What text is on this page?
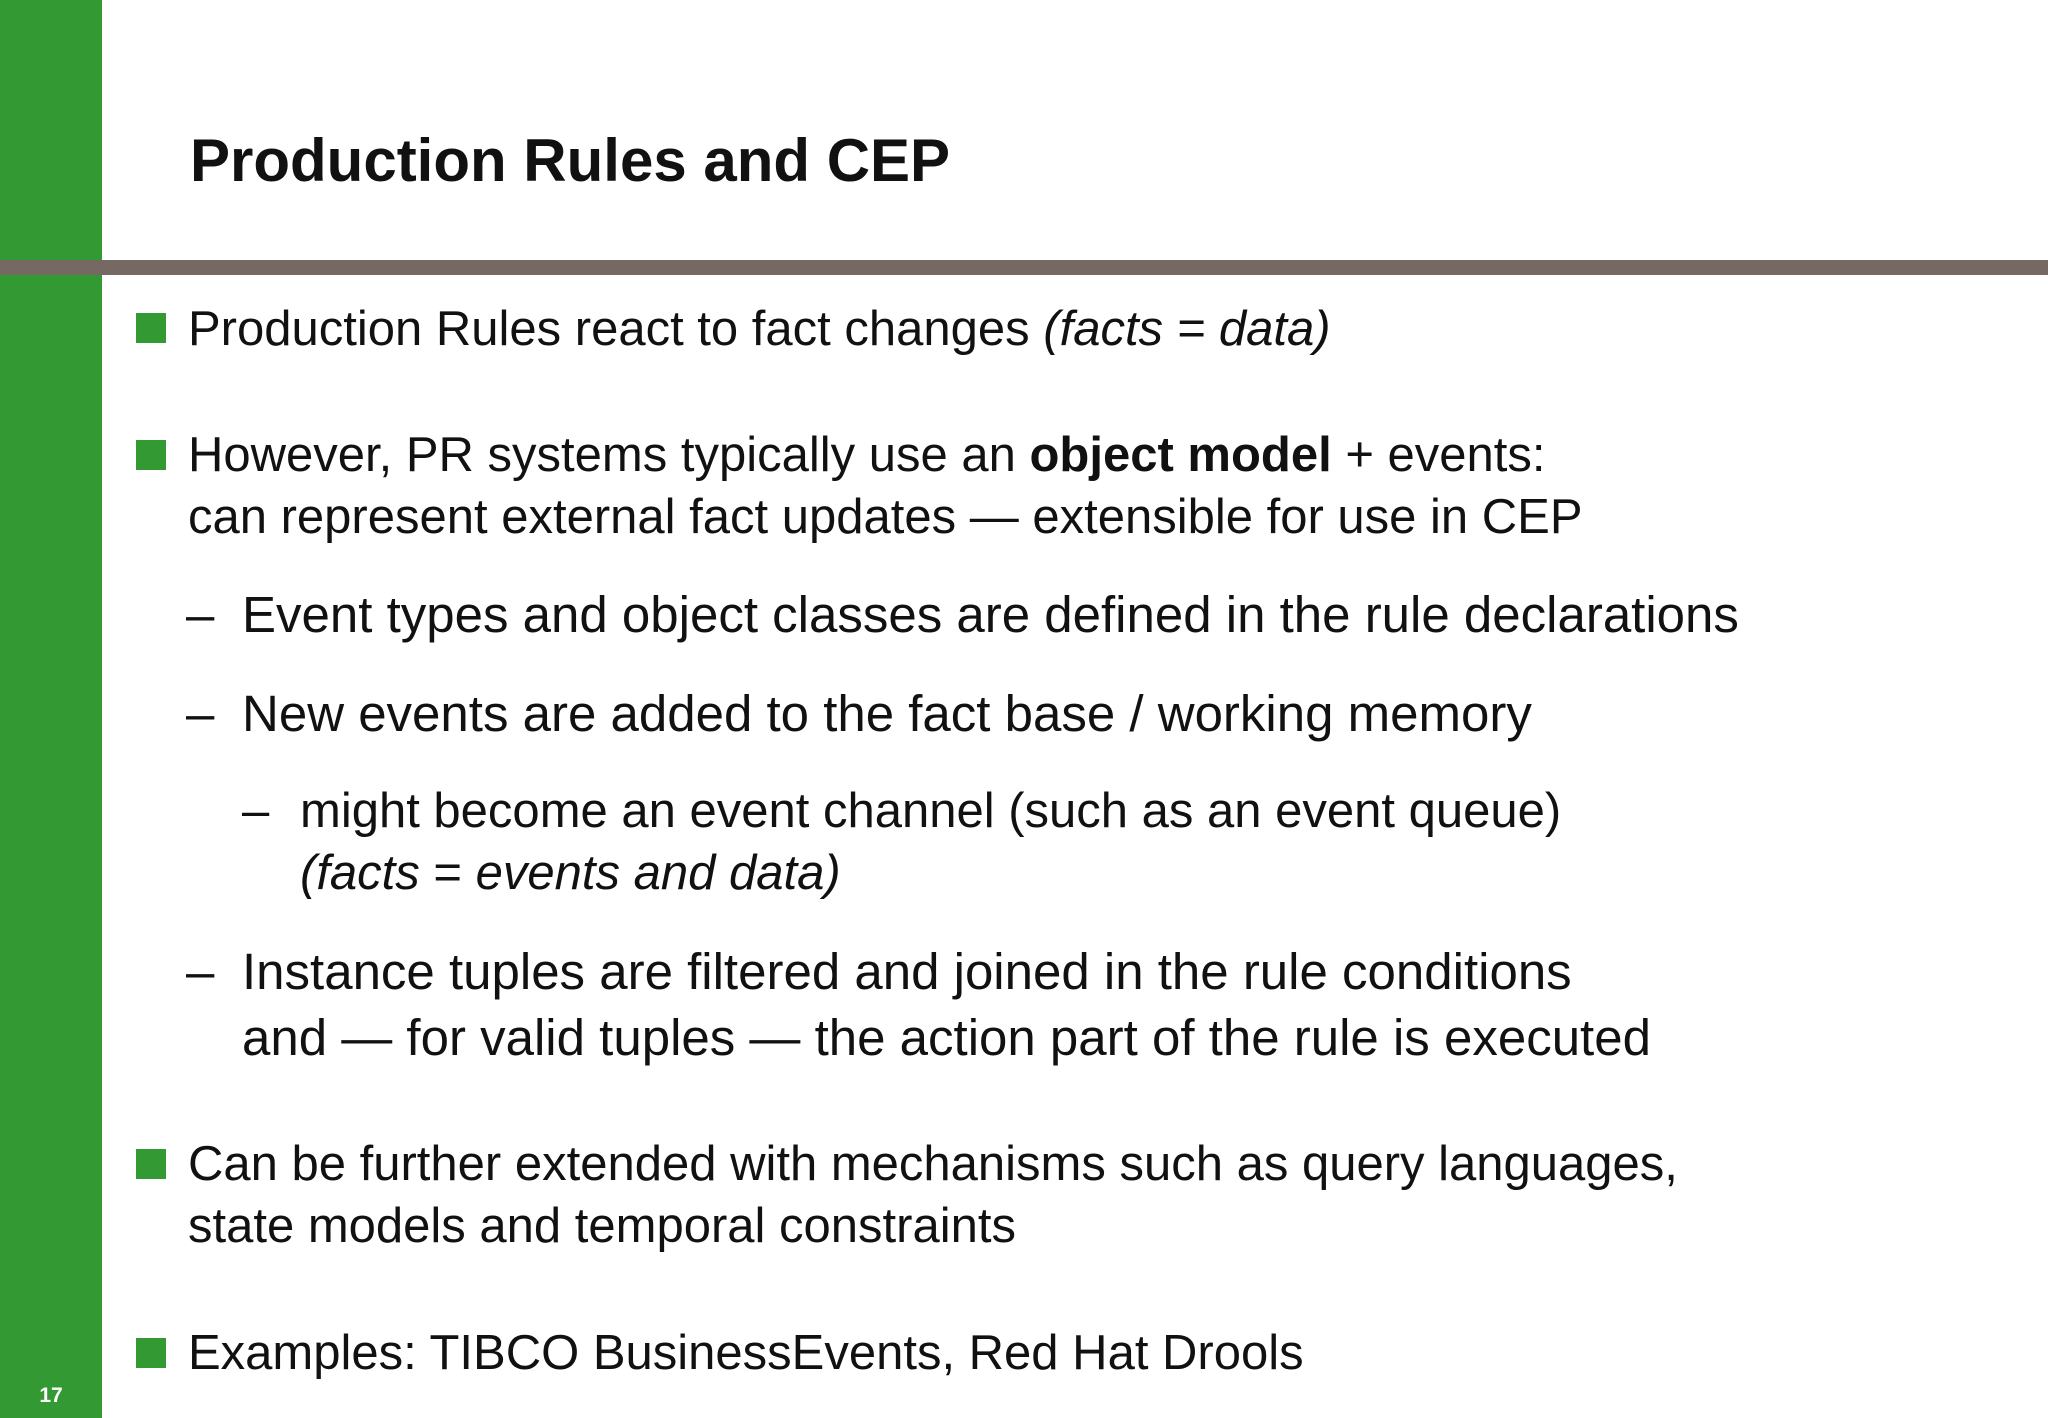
17
Production Rules and CEP
Production Rules react to fact changes (facts = data)
However, PR systems typically use an object model + events:
can represent external fact updates — extensible for use in CEP
– Event types and object classes are defined in the rule declarations
– New events are added to the fact base / working memory
– might become an event channel (such as an event queue)
(facts = events and data)
– Instance tuples are filtered and joined in the rule conditions
and — for valid tuples — the action part of the rule is executed
Can be further extended with mechanisms such as query languages,
state models and temporal constraints
Examples: TIBCO BusinessEvents, Red Hat Drools
